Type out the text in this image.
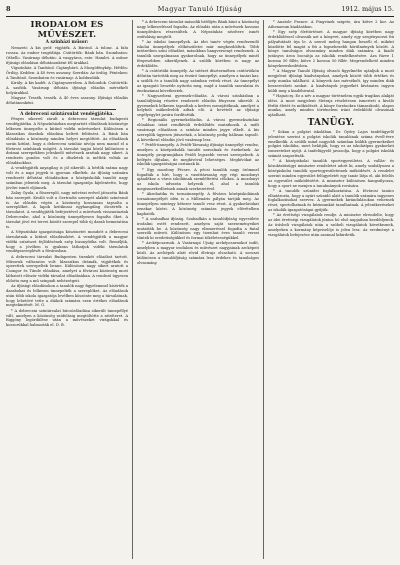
8	Magyar Tanuló Ifjúság	1912. május 15.

IRODALOM ÉS MŰVÉSZET.

A szinházi műsor:

Nemzeti: A kis gróf: vígjáték. A Bárónő. A tolonc. A falu rossza. Az ember tragédiája. Csütörtök: Bánk bán. Szombaton: Othello. Vasárnap délután: A vasgyáros, este: Hamlet. A műsor ifjúsági előadásai délutánonként fél árakkal.

Vígszínház: A Tanítónő. Cigánybáró. A Mozgófénykép. Hétfőn: Ördög. Kedden: A 40 éves asszony. Szerdán: Az ördög. Pénteken: A Tanítónő. Szombaton és vasárnap: A koldusdiák.

Király: A kis kadét. A Cigányszerelem. A Bolondok. Csütörtök: A sasfiók. Vasárnap délután ifjúsági előadás mérsékelt helyárakkal.

Magyar: Tessék, tessék. A 40 éves asszony. Ifjúsági előadás délutánonként.

A debreceni színtársulat vendégjátéka.

Fényes sikerrel zárult a debreceni társulat budapesti vendégjátéka. A Népszínházban megtartott előadások közönsége lelkesen ünnepelte a kitűnő vidéki művészeket. Különösen a klasszikus darabok előadása keltett feltűnést. A Bánk bán előadásán a közönség minden helyet megtöltött. Az előadások során kitűnt, hogy a debreceni színház nívója nem marad el a fővárosi színházak mögött. A társulat tagjai közül különösen a drámai szerepekben jeleskedő művészek arattak nagy sikert. A rendezés gondos volt és a díszletek is méltók voltak az előadásokhoz.

A vendégjáték anyagilag is jól sikerült. A bérlők száma nagy volt és a napi jegyek is gyorsan elkeltek. Az ifjúság számára rendezett délutáni előadásokon a középiskolák tanulói nagy számban jelentek meg. A társulat igazgatója kijelentette, hogy jövőre ismét eljönnek.

Zalay Gyula, a főszereplő, nagy művészi erővel játszotta Bánk bán szerepét. Kiváló volt a Gertrudis szerepét alakító színésznő is. Az előadás végén a közönség hosszasan tapsolta a szereplőket. A lapok kritikusai egyhangúlag dicsérték a társulatot. A vendégjáték befejeztével a művészek visszautaztak Debrecenbe, ahol a közönség ünnepélyesen fogadta őket. A társulat jövő évi tervei között szerepel több új darab bemutatása is.

A Népszínház igazgatósága köszönetet mondott a debreceni társulatnak a kitűnő előadásokért. A vendégjáték a magyar vidéki színészet fejlődésének szép bizonyítéka volt. Reméljük, hogy a jövőben is gyakran láthatjuk vidéki társulatok vendégszereplését a fővárosban.

A debreceni társulat Budapesten tizenkét előadást tartott. Műsoruk változatos volt: klasszikus drámák, vígjátékok és operettek szerepeltek benne. Különösen nagy sikert aratott a Csongor és Tünde előadása, amelyet a fővárosi közönség most láthatott először vidéki társulat előadásában. A rendező ügyesen oldotta meg a mű színpadi nehézségeit.

Az ifjúsági előadásokon a tanulók nagy figyelemmel kísérték a darabokat és lelkesen ünnepelték a szereplőket. Az előadások után több iskola igazgatója levélben köszönte meg a társulatnak, hogy lehetővé tette a diákok számára ezen értékes előadások megtekintését. M. G.

* A debreceni színtársulat búcsúelőadása sikerült ünnepéllyé vált, amelyen a közönség zsúfolásig megtöltötte a nézőteret. A függöny legördülése után a művészeket virágokkal és koszorúkkal halmozták el. D. B.

* A debreceni társulat második hétfőjén Bánk bánt a közönség nagy lelkesedéssel fogadta. Az előadás után a művészek hosszas ünneplésben részesültek. A Népszínház nézőtere ismét zsúfolásig megtelt.

* Az iskolai ünnepélyek. Az idei tanév végén rendezendő iskolai ünnepélyek előkészületei már megkezdődtek. Több intézetben színi előadást, másokban hangversenyt rendeznek. A tanulók szorgalmasan gyakorolnak, hogy az ünnepélyek minél fényesebben sikerüljenek. A szülők körében is nagy az érdeklődés.

* A csütörtöki ünnepély. Az intézet dísztermében csütörtökön délután tartották meg az évzáró ünnepélyt, amelyen a tanári kar, a szülők és a tanulók nagy számban vettek részt. Az ünnepélyt az igazgató beszéde nyitotta meg, majd a tanulók szavalatai és énekszámai következtek.

* Nagyszebeni gyermek-előadás. A városi színházban a tanulóifjúság részére rendezett előadás fényesen sikerült. A gyermekek lelkesen tapsoltak a kedves mesejátéknak, amelyet a helybeli műkedvelők adtak elő. A bevételt az ifjúsági segélyegylet javára fordították.

* Regionális gyermekelőadás. A városi gyermekszínház előadásai iránt rendkívüli érdeklődés mutatkozik. A múlt vasárnapi előadáson a színház minden jegye elkelt. A kis szereplők ügyesen játszottak, a közönség pedig hálásan tapsolt. A következő előadás jövő vasárnap lesz.

* Petőfi-ünnepély. A Petőfi-Társaság ifjúsági ünnepélyt rendez, amelyen a középiskolák tanulói szavalnak és énekelnek. Az ünnepély programjában Petőfi legszebb versei szerepelnek. A belépés díjtalan, de meghívóval lehetséges. Meghívókat az iskolák igazgatóságai osztanak ki.

* Egy mozdony Pécsre. A pécsi tanulók nagy örömmel fogadták a hírt, hogy a vasúttársaság egy régi mozdonyt ajándékoz a város iskoláinak szemléltetési célokra. A mozdonyt az iskola udvarán helyezik el, ahol a tanulók megismerkedhetnek annak szerkezetével.

* Akrobatika és tornaünnepély. A főváros középiskoláinak tornaünnepélyét idén is a Millenáris pályán tartják meg. Az ünnepélyen mintegy kétezer tanuló vesz részt. A gyakorlatokat zenekar kíséri. A közönség számára jegyek elővételben kaphatók.

* A szabadkai ifjúság. Szabadkán a tanulóifjúság egyesülete irodalmi estét rendezett, amelyen saját szerzeményeiket mutatták be. A közönség nagy elismeréssel fogadta a fiatal szerzők műveit. Különösen egy tizenhat éves tanuló versei tűntek ki eredetiségükkel és formai tökéletességükkel.

* Arcképcsarnok. A Vasárnapi Ujság arcképcsarnokot indít, amelyben a magyar irodalom és művészet nagyjainak arcképeit közli. Az arcképek alatt rövid életrajz olvasható. A sorozat különösen a tanulóifjúság számára lesz érdekes és tanulságos olvasmány.

* Anatole France: A Pingvinek szigete, ára kötve 2 kor. Az Athenaeum kiadásában.

* Egy szép élettörténet. A magyar ifjúság körében nagy érdeklődéssel olvassák azt a könyvet, amely egy szegénysorsú fiú pályafutását írja le. A szerző meleg hangon beszéli el, miként küzdötte fel magát a fiú a legnehezebb körülmények között. A könyv tanulságos olvasmány minden diák számára. A kiadó jutányos áron bocsátja az iskolák rendelkezésére. Ára fűzve 1 korona 50 fillér, kötve 2 korona 50 fillér. Megrendelhető minden könyvkereskedésben.

* A Magyar Tanuló Ifjúság olvasói figyelmébe ajánljuk a most megjelent ifjúsági kiadványokat, amelyek között több értékes és szép munka található. A könyvek ára mérsékelt, így minden diák beszerezheti azokat. A kiadványok jegyzékét kívánatra ingyen küldi meg a kiadóhivatal.

* Hajnóczy. Ez a név a magyar történelem egyik tragikus alakját idézi. A most megjelent életrajz részletesen ismerteti a kiváló férfiú életét és működését. A könyv forrásokra támaszkodó, alapos munka, amely minden történelem iránt érdeklődő olvasónak ajánlható.

TANÜGY.

* Sokan a polgári iskolában. Dr. Győry Lajos tanfelügyelő jelentése szerint a polgári iskolák tanulóinak száma évről-évre emelkedik. A szülők mind nagyobb számban küldik gyermekeiket polgári iskolába, mert belátják, hogy ez az iskolatípus gyakorlati ismereteket nyújt. A tanfelügyelő javasolja, hogy a polgári iskolák számát szaporítsák.

* A középiskolai tanulók sportegyesületei. A vallás- és közoktatásügyi miniszter rendeletet adott ki, amely szabályozza a középiskolai tanulók sportegyesületeinek működését. A rendelet szerint minden egyesület felügyeletét egy tanár látja el, aki felelős az egyesület működéséért. A miniszter különösen hangsúlyozza, hogy a sport ne menjen a tanulmányok rovására.

* A tanulók szünidei foglalkoztatása. A fővárosi tanács elhatározta, hogy a nyári szünidő alatt a tanulók számára ingyenes foglalkozásokat szervez. A gyermekek kirándulásokon vehetnek részt, sportolhatnak és kézimunkát tanulhatnak. A jelentkezéseket az iskolák igazgatóságai gyűjtik.

* Az érettségi vizsgálatok rendje. A miniszter elrendelte, hogy az idei érettségi vizsgálatok június hó első napjaiban kezdődjenek. Az írásbeli vizsgálatok után a szóbeli vizsgálatok következnek, amelyeken a kormány képviselője is jelen lesz. Az eredményt a vizsgálatok befejezése után azonnal kihirdetik.
